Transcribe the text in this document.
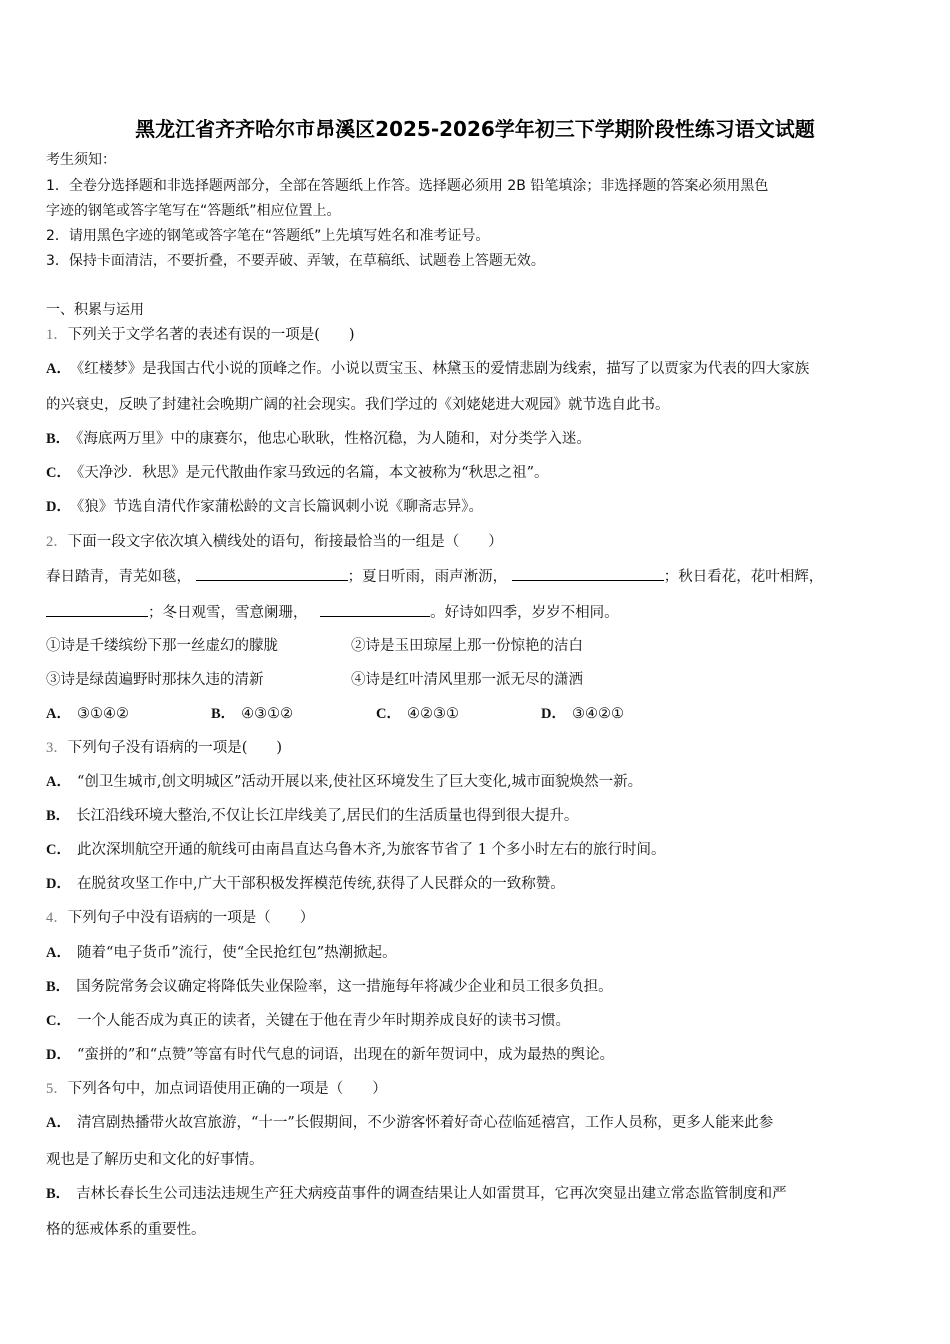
黑龙江省齐齐哈尔市昂溪区2025-2026学年初三下学期阶段性练习语文试题
考生须知：
1．全卷分选择题和非选择题两部分，全部在答题纸上作答。选择题必须用 2B 铅笔填涂；非选择题的答案必须用黑色
字迹的钢笔或答字笔写在“答题纸”相应位置上。
2．请用黑色字迹的钢笔或答字笔在“答题纸”上先填写姓名和准考证号。
3．保持卡面清洁，不要折叠，不要弄破、弄皱，在草稿纸、试题卷上答题无效。
一、积累与运用
1．下列关于文学名著的表述有误的一项是(　　)
A． 《红楼梦》是我国古代小说的顶峰之作。小说以贾宝玉、林黛玉的爱情悲剧为线索，描写了以贾家为代表的四大家族
的兴衰史，反映了封建社会晚期广阔的社会现实。我们学过的《刘姥姥进大观园》就节选自此书。
B． 《海底两万里》中的康赛尔，他忠心耿耿，性格沉稳，为人随和，对分类学入迷。
C． 《天净沙．秋思》是元代散曲作家马致远的名篇，本文被称为“秋思之祖”。
D． 《狼》节选自清代作家蒲松龄的文言长篇讽刺小说《聊斋志异》。
2．下面一段文字依次填入横线处的语句，衔接最恰当的一组是（　　）
春日踏青，青芜如毯，	；夏日听雨，雨声淅沥，	；秋日看花，花叶相辉，
；冬日观雪，雪意阑珊，	。好诗如四季，岁岁不相同。
①诗是千缕缤纷下那一丝虚幻的朦胧	②诗是玉田琼屋上那一份惊艳的洁白
③诗是绿茵遍野时那抹久违的清新	④诗是红叶清风里那一派无尽的潇洒
A． ③①④②	B． ④③①②	C． ④②③①	D． ③④②①
3．下列句子没有语病的一项是(　　)
A． “创卫生城市,创文明城区”活动开展以来,使社区环境发生了巨大变化,城市面貌焕然一新。
B． 长江沿线环境大整治,不仅让长江岸线美了,居民们的生活质量也得到很大提升。
C． 此次深圳航空开通的航线可由南昌直达乌鲁木齐,为旅客节省了 1 个多小时左右的旅行时间。
D． 在脱贫攻坚工作中,广大干部积极发挥模范传统,获得了人民群众的一致称赞。
4．下列句子中没有语病的一项是（　　）
A． 随着“电子货币”流行，使“全民抢红包”热潮掀起。
B． 国务院常务会议确定将降低失业保险率，这一措施每年将减少企业和员工很多负担。
C． 一个人能否成为真正的读者，关键在于他在青少年时期养成良好的读书习惯。
D． “蛮拼的”和“点赞”等富有时代气息的词语，出现在的新年贺词中，成为最热的舆论。
5．下列各句中，加点词语使用正确的一项是（　　）
A． 清宫剧热播带火故宫旅游，“十一”长假期间，不少游客怀着好奇心莅临延禧宫，工作人员称，更多人能来此参
观也是了解历史和文化的好事情。
B． 吉林长春长生公司违法违规生产狂犬病疫苗事件的调查结果让人如雷贯耳，它再次突显出建立常态监管制度和严
格的惩戒体系的重要性。
